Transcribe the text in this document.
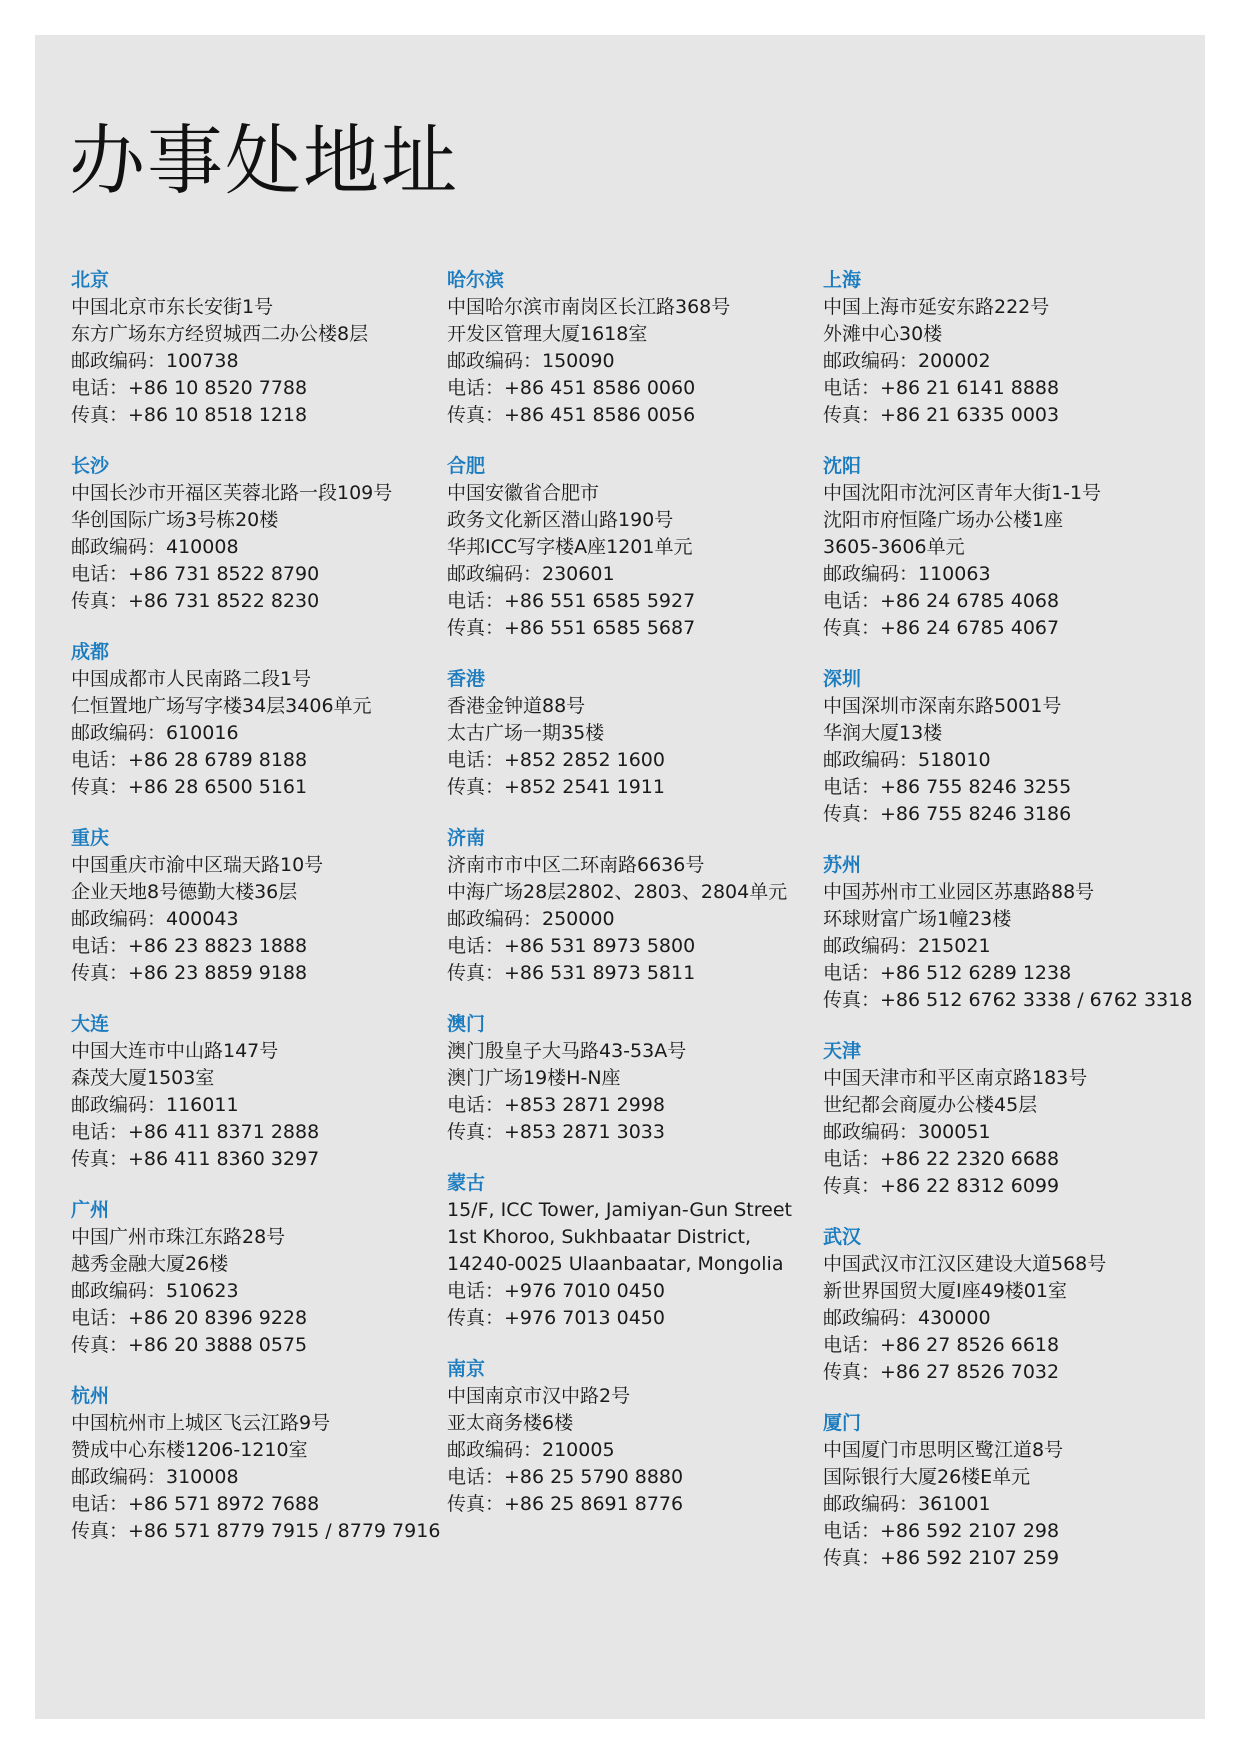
办事处地址
北京
中国北京市东长安街1号
东方广场东方经贸城西二办公楼8层
邮政编码：100738
电话：+86 10 8520 7788
传真：+86 10 8518 1218
长沙
中国长沙市开福区芙蓉北路一段109号
华创国际广场3号栋20楼
邮政编码：410008
电话：+86 731 8522 8790
传真：+86 731 8522 8230
成都
中国成都市人民南路二段1号
仁恒置地广场写字楼34层3406单元
邮政编码：610016
电话：+86 28 6789 8188
传真：+86 28 6500 5161
重庆
中国重庆市渝中区瑞天路10号
企业天地8号德勤大楼36层
邮政编码：400043
电话：+86 23 8823 1888
传真：+86 23 8859 9188
大连
中国大连市中山路147号
森茂大厦1503室
邮政编码：116011
电话：+86 411 8371 2888
传真：+86 411 8360 3297
广州
中国广州市珠江东路28号
越秀金融大厦26楼
邮政编码：510623
电话：+86 20 8396 9228
传真：+86 20 3888 0575
杭州
中国杭州市上城区飞云江路9号
赞成中心东楼1206-1210室
邮政编码：310008
电话：+86 571 8972 7688
传真：+86 571 8779 7915 / 8779 7916
哈尔滨
中国哈尔滨市南岗区长江路368号
开发区管理大厦1618室
邮政编码：150090
电话：+86 451 8586 0060
传真：+86 451 8586 0056
合肥
中国安徽省合肥市
政务文化新区潜山路190号
华邦ICC写字楼A座1201单元
邮政编码：230601
电话：+86 551 6585 5927
传真：+86 551 6585 5687
香港
香港金钟道88号
太古广场一期35楼
电话：+852 2852 1600
传真：+852 2541 1911
济南
济南市市中区二环南路6636号
中海广场28层2802、2803、2804单元
邮政编码：250000
电话：+86 531 8973 5800
传真：+86 531 8973 5811
澳门
澳门殷皇子大马路43-53A号
澳门广场19楼H-N座
电话：+853 2871 2998
传真：+853 2871 3033
蒙古
15/F, ICC Tower, Jamiyan-Gun Street
1st Khoroo, Sukhbaatar District,
14240-0025 Ulaanbaatar, Mongolia
电话：+976 7010 0450
传真：+976 7013 0450
南京
中国南京市汉中路2号
亚太商务楼6楼
邮政编码：210005
电话：+86 25 5790 8880
传真：+86 25 8691 8776
上海
中国上海市延安东路222号
外滩中心30楼
邮政编码：200002
电话：+86 21 6141 8888
传真：+86 21 6335 0003
沈阳
中国沈阳市沈河区青年大街1-1号
沈阳市府恒隆广场办公楼1座
3605-3606单元
邮政编码：110063
电话：+86 24 6785 4068
传真：+86 24 6785 4067
深圳
中国深圳市深南东路5001号
华润大厦13楼
邮政编码：518010
电话：+86 755 8246 3255
传真：+86 755 8246 3186
苏州
中国苏州市工业园区苏惠路88号
环球财富广场1幢23楼
邮政编码：215021
电话：+86 512 6289 1238
传真：+86 512 6762 3338 / 6762 3318
天津
中国天津市和平区南京路183号
世纪都会商厦办公楼45层
邮政编码：300051
电话：+86 22 2320 6688
传真：+86 22 8312 6099
武汉
中国武汉市江汉区建设大道568号
新世界国贸大厦I座49楼01室
邮政编码：430000
电话：+86 27 8526 6618
传真：+86 27 8526 7032
厦门
中国厦门市思明区鹭江道8号
国际银行大厦26楼E单元
邮政编码：361001
电话：+86 592 2107 298
传真：+86 592 2107 259
